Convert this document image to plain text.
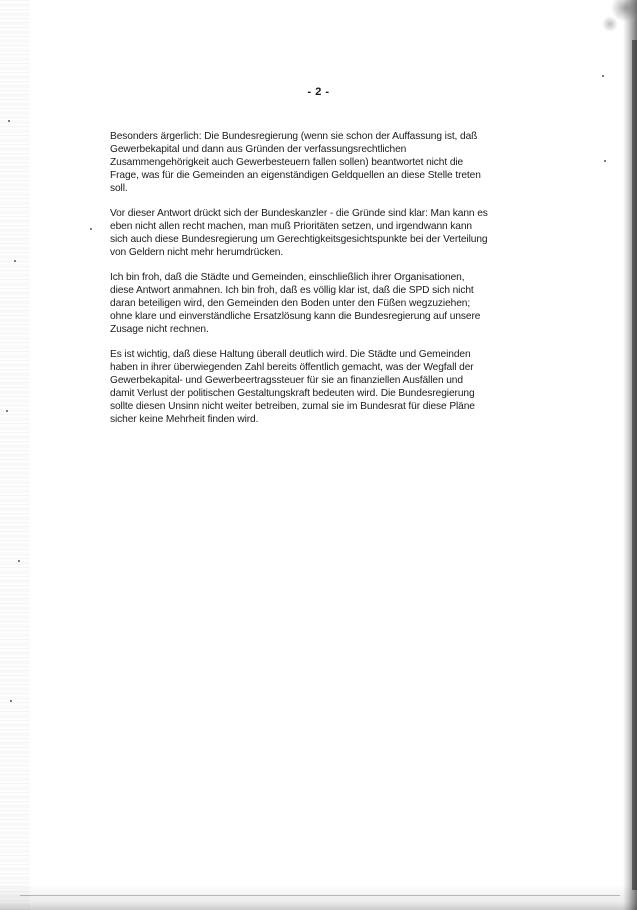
- 2 -

Besonders ärgerlich: Die Bundesregierung (wenn sie schon der Auffassung ist, daß
Gewerbekapital und dann aus Gründen der verfassungsrechtlichen
Zusammengehörigkeit auch Gewerbesteuern fallen sollen) beantwortet nicht die
Frage, was für die Gemeinden an eigenständigen Geldquellen an diese Stelle treten
soll.

Vor dieser Antwort drückt sich der Bundeskanzler - die Gründe sind klar: Man kann es
eben nicht allen recht machen, man muß Prioritäten setzen, und irgendwann kann
sich auch diese Bundesregierung um Gerechtigkeitsgesichtspunkte bei der Verteilung
von Geldern nicht mehr herumdrücken.

Ich bin froh, daß die Städte und Gemeinden, einschließlich ihrer Organisationen,
diese Antwort anmahnen. Ich bin froh, daß es völlig klar ist, daß die SPD sich nicht
daran beteiligen wird, den Gemeinden den Boden unter den Füßen wegzuziehen;
ohne klare und einverständliche Ersatzlösung kann die Bundesregierung auf unsere
Zusage nicht rechnen.

Es ist wichtig, daß diese Haltung überall deutlich wird. Die Städte und Gemeinden
haben in ihrer überwiegenden Zahl bereits öffentlich gemacht, was der Wegfall der
Gewerbekapital- und Gewerbeertragssteuer für sie an finanziellen Ausfällen und
damit Verlust der politischen Gestaltungskraft bedeuten wird. Die Bundesregierung
sollte diesen Unsinn nicht weiter betreiben, zumal sie im Bundesrat für diese Pläne
sicher keine Mehrheit finden wird.
